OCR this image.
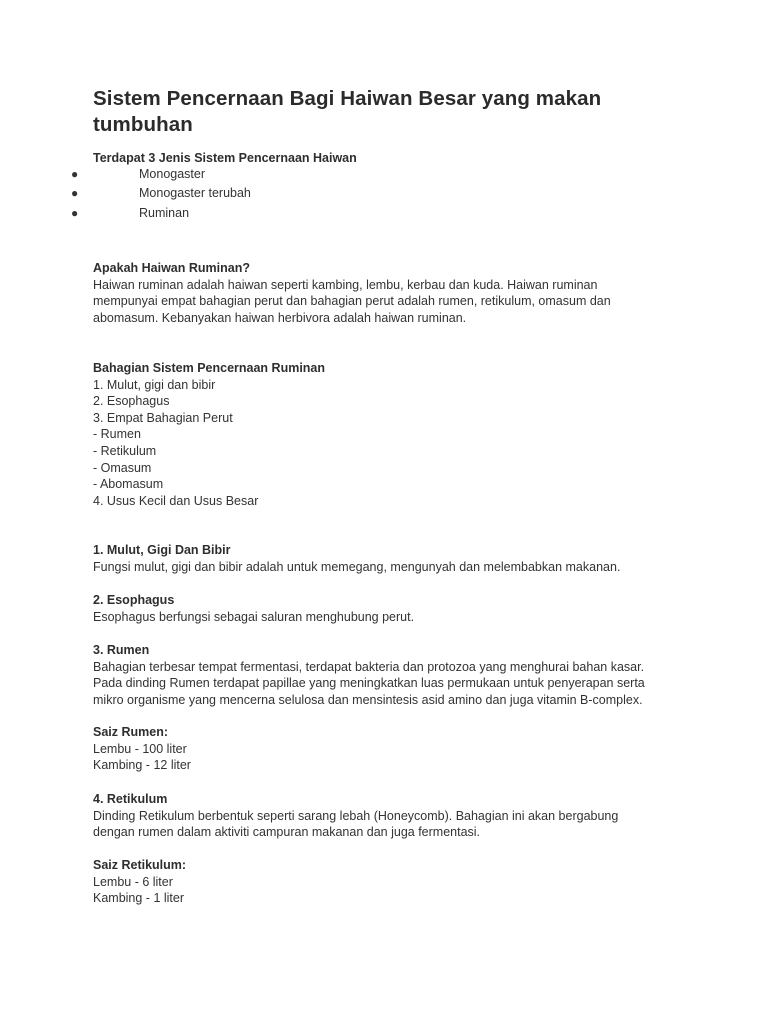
Sistem Pencernaan Bagi Haiwan Besar yang makan tumbuhan
Terdapat 3 Jenis Sistem Pencernaan Haiwan
●	Monogaster
●	Monogaster terubah
●	Ruminan
Apakah Haiwan Ruminan?

Haiwan ruminan adalah haiwan seperti kambing, lembu, kerbau dan kuda. Haiwan ruminan mempunyai empat bahagian perut dan bahagian perut adalah rumen, retikulum, omasum dan abomasum. Kebanyakan haiwan herbivora adalah haiwan ruminan.

Bahagian Sistem Pencernaan Ruminan
1. Mulut, gigi dan bibir
2. Esophagus
3. Empat Bahagian Perut
- Rumen
- Retikulum
- Omasum
- Abomasum
4. Usus Kecil dan Usus Besar
1. Mulut, Gigi Dan Bibir
Fungsi mulut, gigi dan bibir adalah untuk memegang, mengunyah dan melembabkan makanan.
2. Esophagus
Esophagus berfungsi sebagai saluran menghubung perut.
3. Rumen

Bahagian terbesar tempat fermentasi, terdapat bakteria dan protozoa yang menghurai bahan kasar. Pada dinding Rumen terdapat papillae yang meningkatkan luas permukaan untuk penyerapan serta mikro organisme yang mencerna selulosa dan mensintesis asid amino dan juga vitamin B-complex.

Saiz Rumen:
Lembu - 100 liter
Kambing - 12 liter
4. Retikulum

Dinding Retikulum berbentuk seperti sarang lebah (Honeycomb). Bahagian ini akan bergabung dengan rumen dalam aktiviti campuran makanan dan juga fermentasi.

Saiz Retikulum:
Lembu - 6 liter
Kambing - 1 liter
